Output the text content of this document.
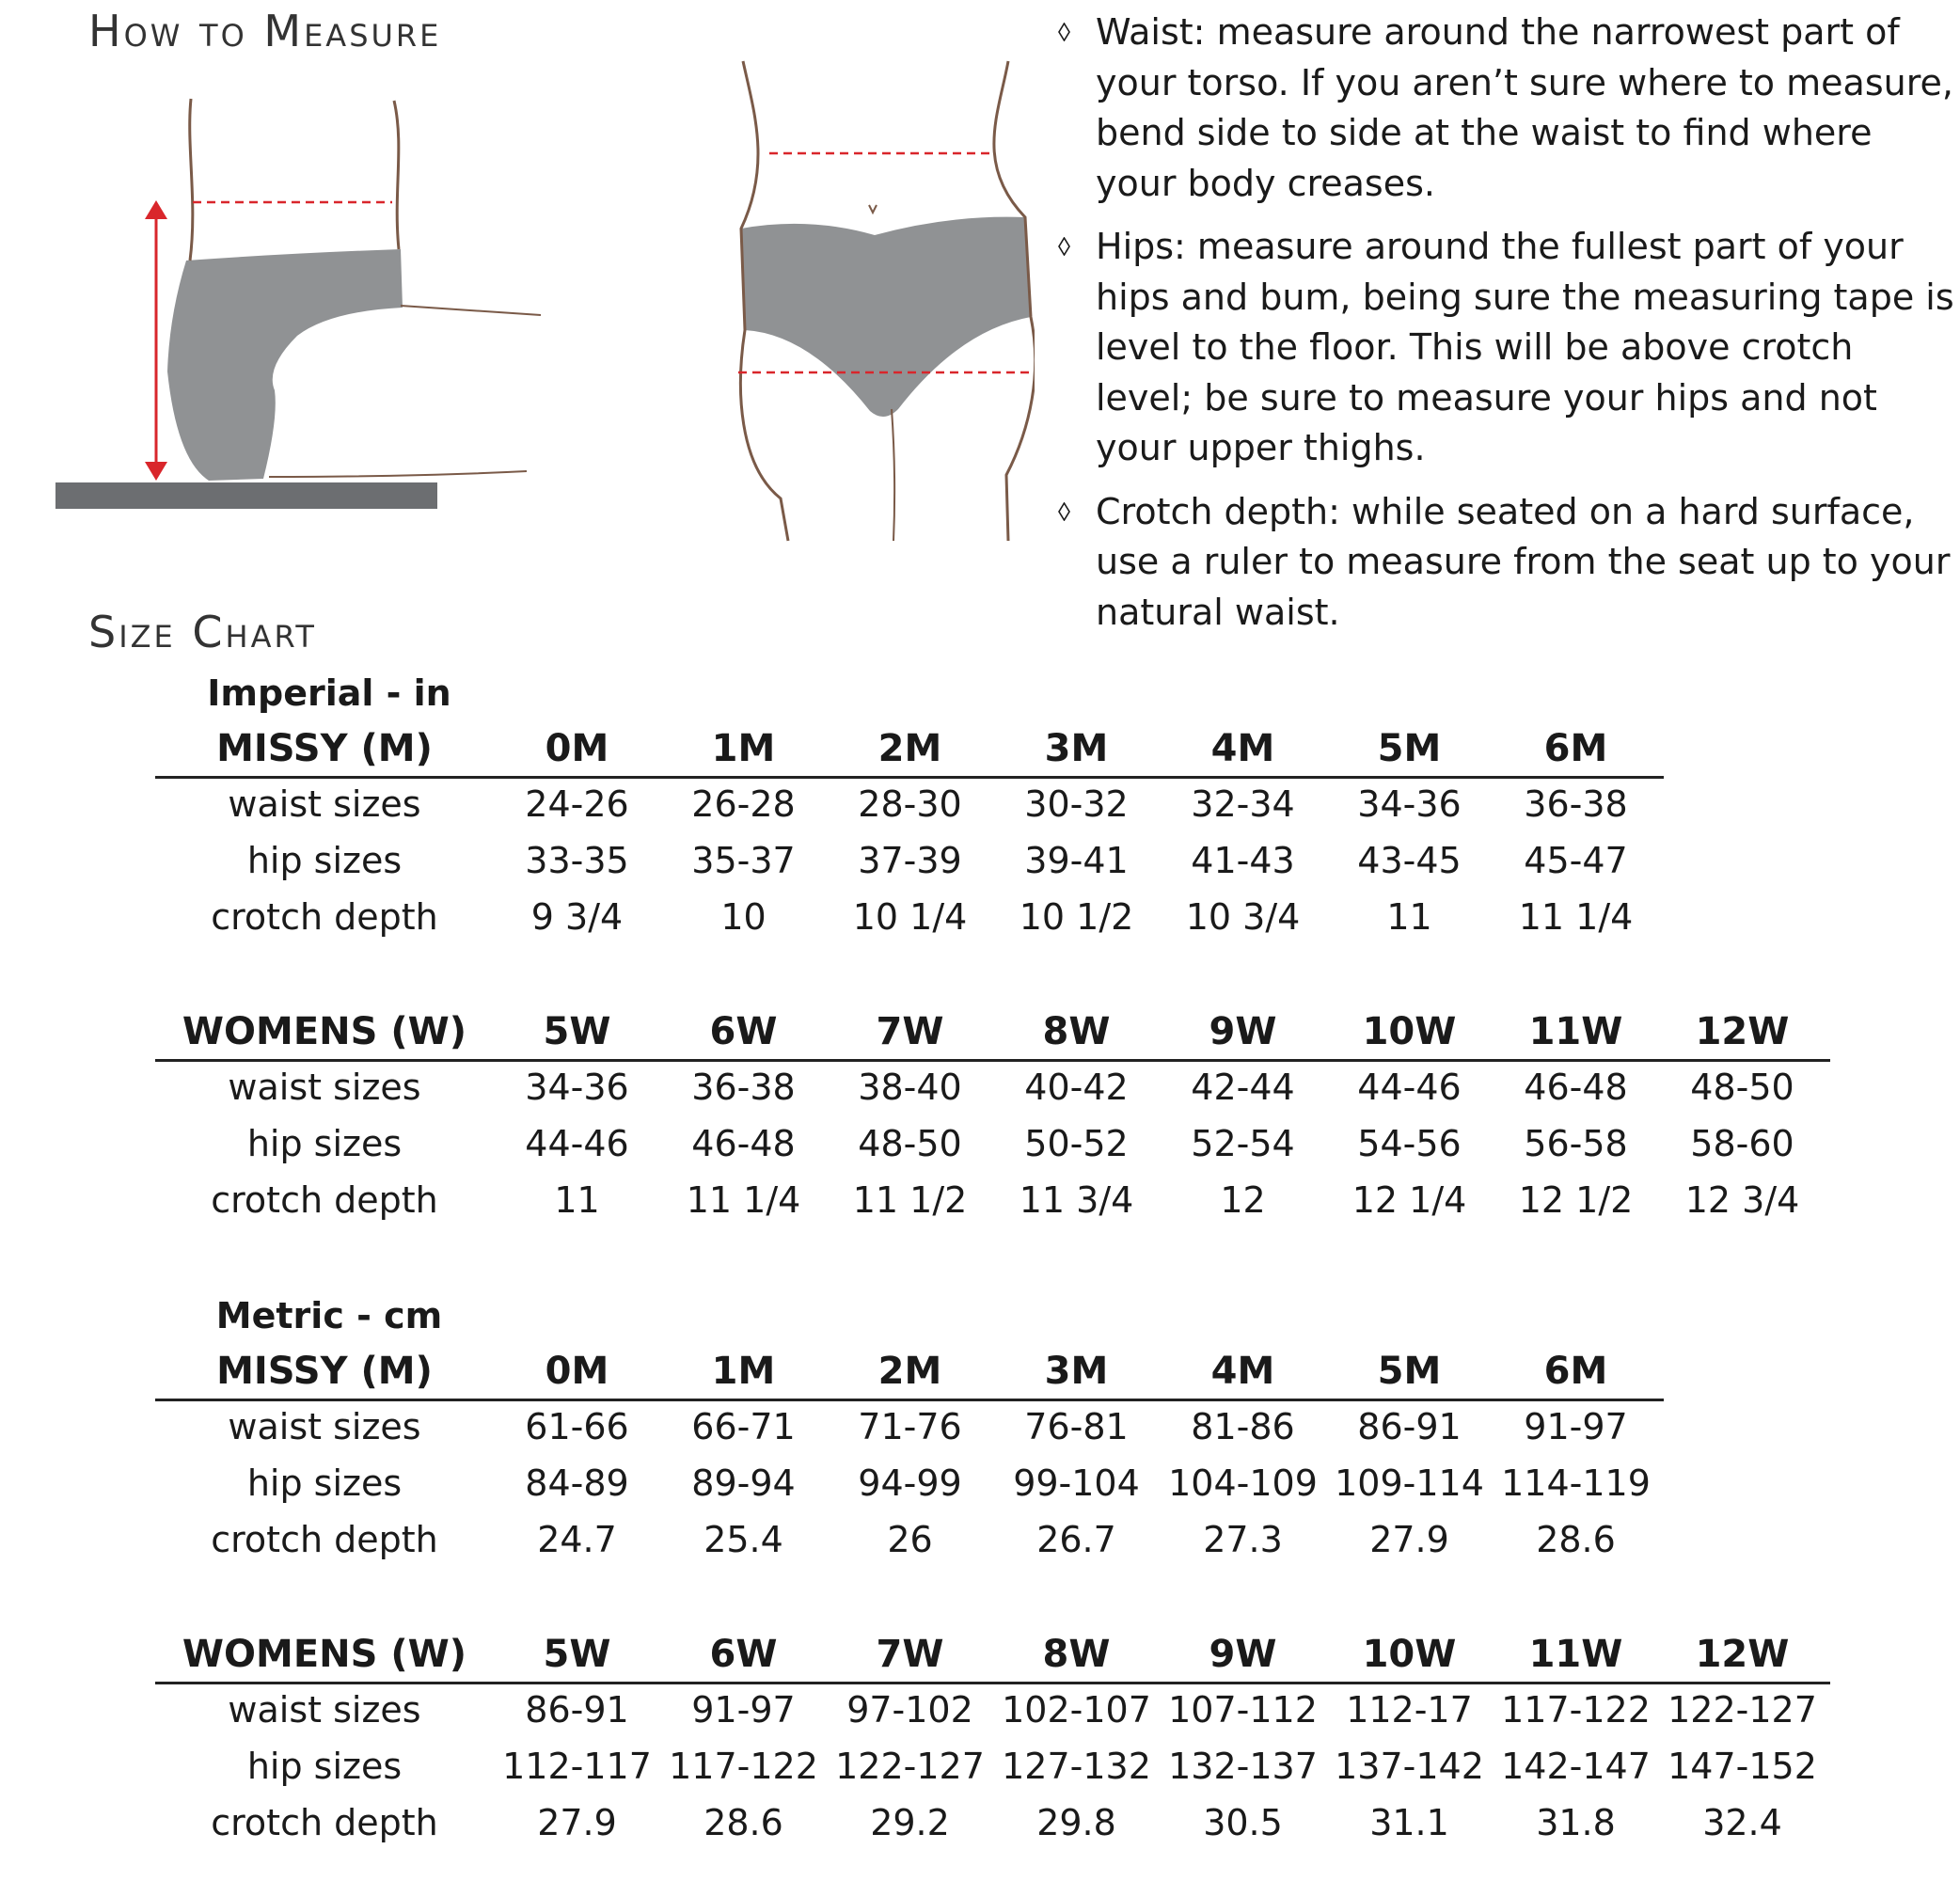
How to Measure
Size Chart
Waist: measure around the narrowest part of your torso. If you aren’t sure where to measure, bend side to side at the waist to find where your body creases.
Hips: measure around the fullest part of your hips and bum, being sure the measuring tape is level to the floor. This will be above crotch level; be sure to measure your hips and not your upper thighs.
Crotch depth: while seated on a hard surface, use a ruler to measure from the seat up to your natural waist.
Imperial - in
MISSY (M)	0M	1M	2M	3M	4M	5M	6M
waist sizes	24-26	26-28	28-30	30-32	32-34	34-36	36-38
hip sizes	33-35	35-37	37-39	39-41	41-43	43-45	45-47
crotch depth	9 3/4	10	10 1/4	10 1/2	10 3/4	11	11 1/4
WOMENS (W)	5W	6W	7W	8W	9W	10W	11W	12W
waist sizes	34-36	36-38	38-40	40-42	42-44	44-46	46-48	48-50
hip sizes	44-46	46-48	48-50	50-52	52-54	54-56	56-58	58-60
crotch depth	11	11 1/4	11 1/2	11 3/4	12	12 1/4	12 1/2	12 3/4
Metric - cm
MISSY (M)	0M	1M	2M	3M	4M	5M	6M
waist sizes	61-66	66-71	71-76	76-81	81-86	86-91	91-97
hip sizes	84-89	89-94	94-99	99-104	104-109	109-114	114-119
crotch depth	24.7	25.4	26	26.7	27.3	27.9	28.6
WOMENS (W)	5W	6W	7W	8W	9W	10W	11W	12W
waist sizes	86-91	91-97	97-102	102-107	107-112	112-17	117-122	122-127
hip sizes	112-117	117-122	122-127	127-132	132-137	137-142	142-147	147-152
crotch depth	27.9	28.6	29.2	29.8	30.5	31.1	31.8	32.4
